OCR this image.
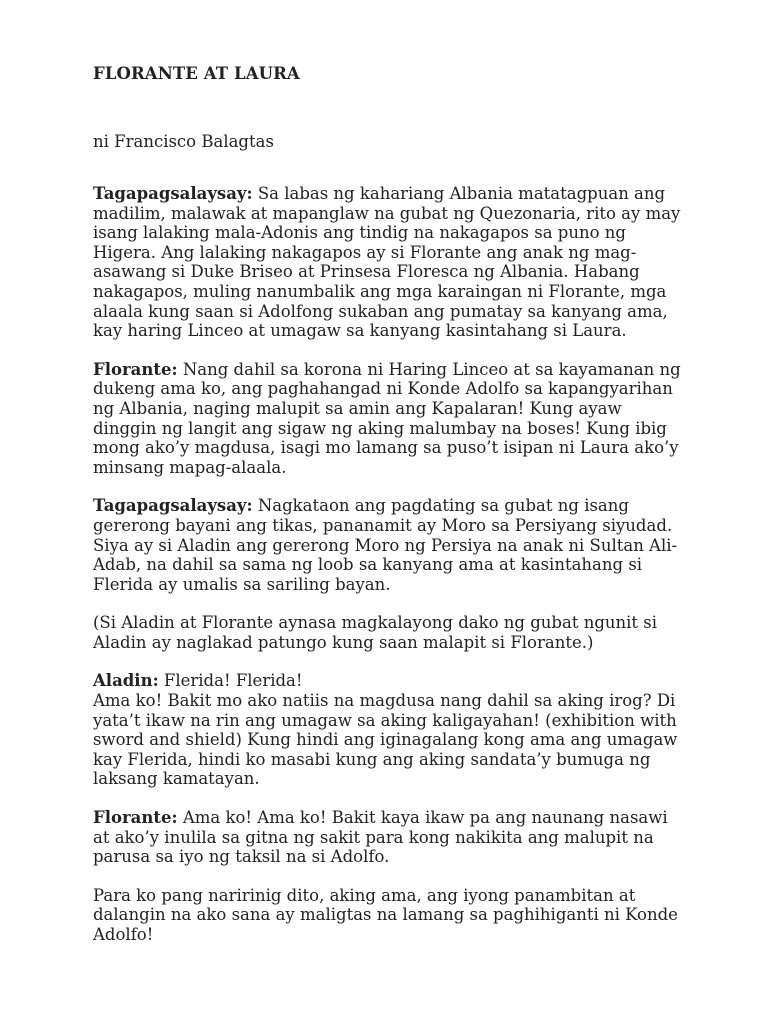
FLORANTE AT LAURA

ni Francisco Balagtas

Tagapagsalaysay: Sa labas ng kahariang Albania matatagpuan ang madilim, malawak at mapanglaw na gubat ng Quezonaria, rito ay may isang lalaking mala-Adonis ang tindig na nakagapos sa puno ng Higera. Ang lalaking nakagapos ay si Florante ang anak ng mag-asawang si Duke Briseo at Prinsesa Floresca ng Albania. Habang nakagapos, muling nanumbalik ang mga karaingan ni Florante, mga alaala kung saan si Adolfong sukaban ang pumatay sa kanyang ama, kay haring Linceo at umagaw sa kanyang kasintahang si Laura.

Florante: Nang dahil sa korona ni Haring Linceo at sa kayamanan ng dukeng ama ko, ang paghahangad ni Konde Adolfo sa kapangyarihan ng Albania, naging malupit sa amin ang Kapalaran! Kung ayaw dinggin ng langit ang sigaw ng aking malumbay na boses! Kung ibig mong ako’y magdusa, isagi mo lamang sa puso’t isipan ni Laura ako’y minsang mapag-alaala.

Tagapagsalaysay: Nagkataon ang pagdating sa gubat ng isang gererong bayani ang tikas, pananamit ay Moro sa Persiyang siyudad. Siya ay si Aladin ang gererong Moro ng Persiya na anak ni Sultan Ali-Adab, na dahil sa sama ng loob sa kanyang ama at kasintahang si Flerida ay umalis sa sariling bayan.

(Si Aladin at Florante aynasa magkalayong dako ng gubat ngunit si Aladin ay naglakad patungo kung saan malapit si Florante.)

Aladin: Flerida! Flerida!
Ama ko! Bakit mo ako natiis na magdusa nang dahil sa aking irog? Di yata’t ikaw na rin ang umagaw sa aking kaligayahan! (exhibition with sword and shield) Kung hindi ang iginagalang kong ama ang umagaw kay Flerida, hindi ko masabi kung ang aking sandata’y bumuga ng laksang kamatayan.

Florante: Ama ko! Ama ko! Bakit kaya ikaw pa ang naunang nasawi at ako’y inulila sa gitna ng sakit para kong nakikita ang malupit na parusa sa iyo ng taksil na si Adolfo.

Para ko pang naririnig dito, aking ama, ang iyong panambitan at dalangin na ako sana ay maligtas na lamang sa paghihiganti ni Konde Adolfo!
